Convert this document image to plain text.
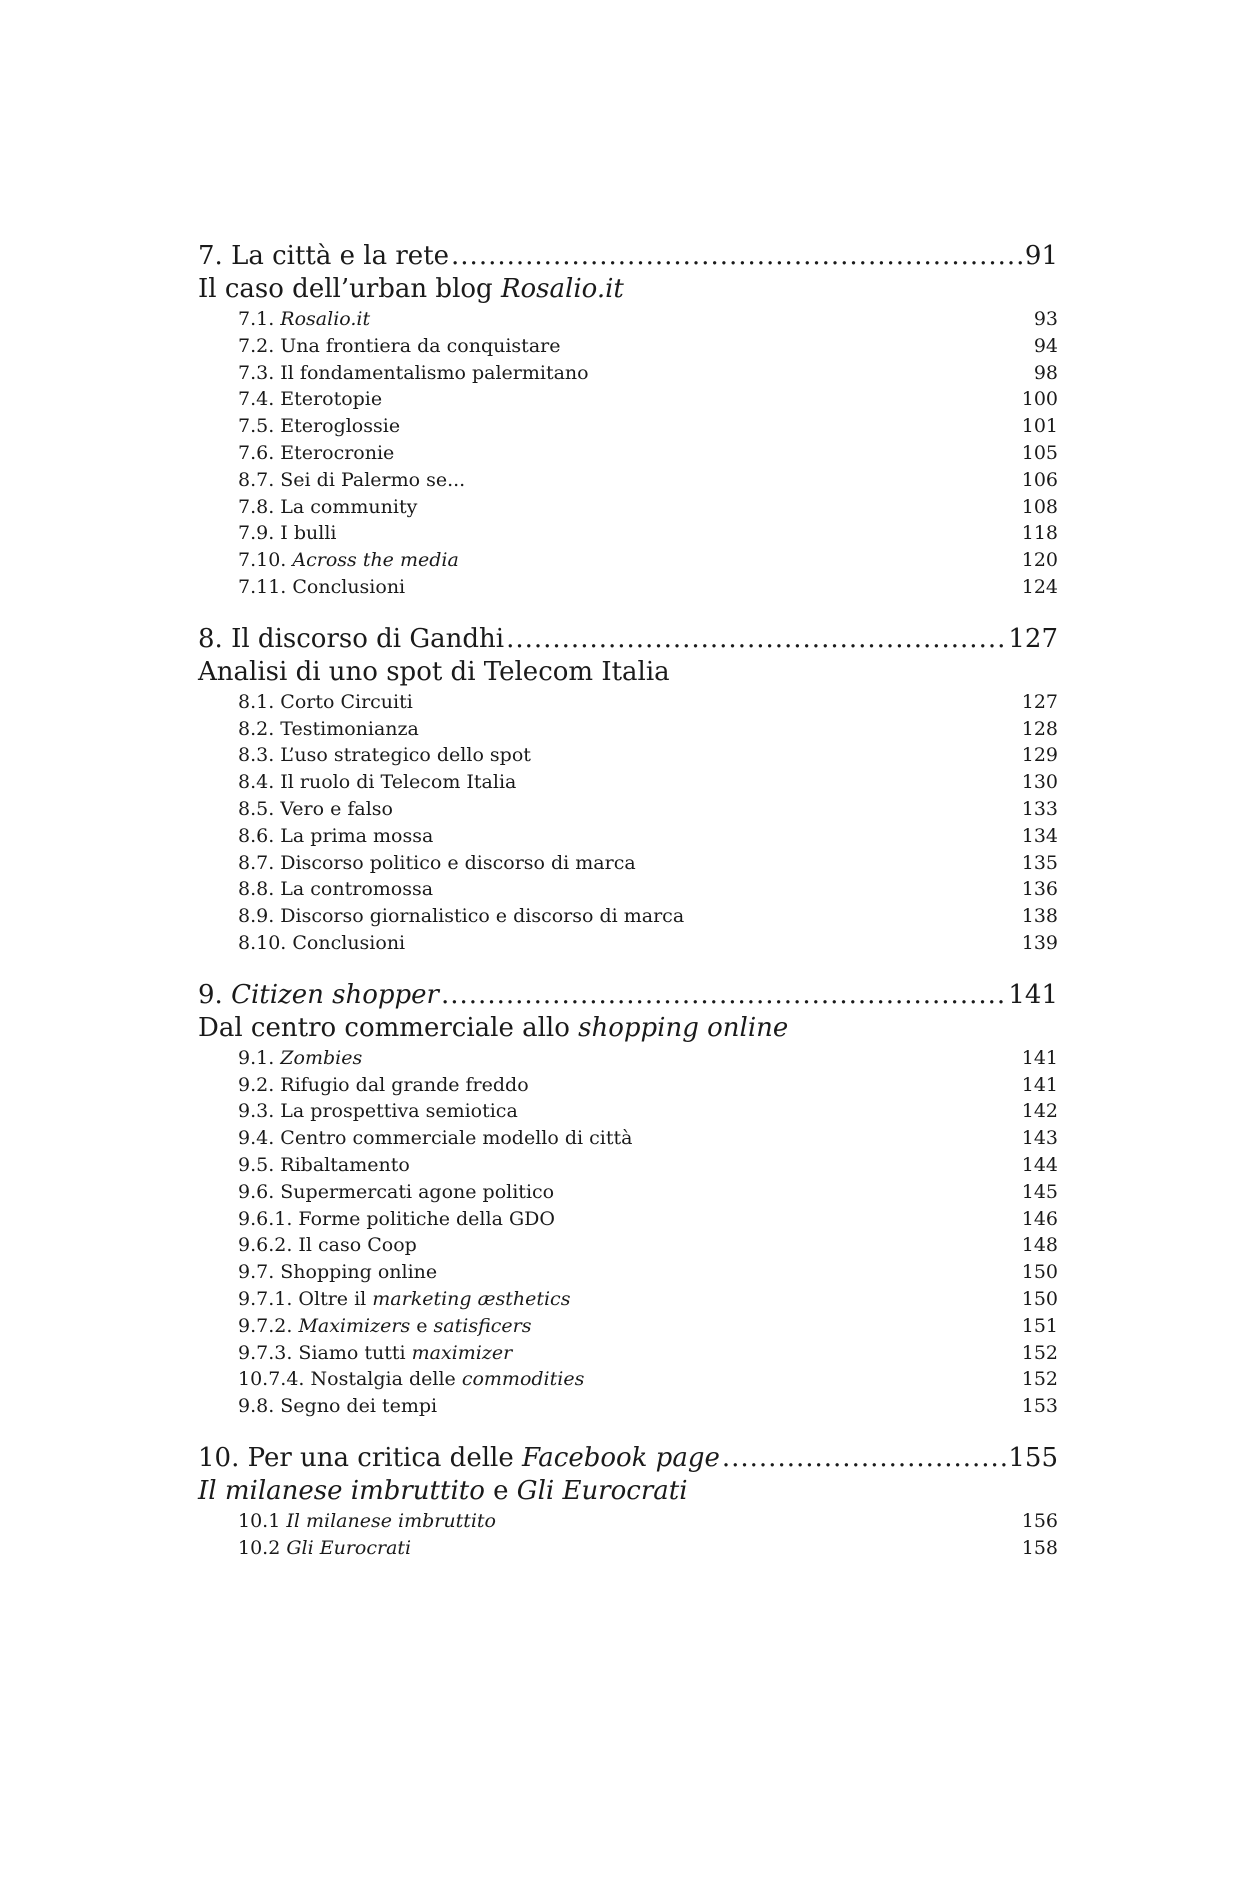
7. La città e la rete .....	91
Il caso dell’urban blog Rosalio.it
7.1. Rosalio.it	93
7.2. Una frontiera da conquistare	94
7.3. Il fondamentalismo palermitano	98
7.4. Eterotopie	100
7.5. Eteroglossie	101
7.6. Eterocronie	105
8.7. Sei di Palermo se...	106
7.8. La community	108
7.9. I bulli	118
7.10. Across the media	120
7.11. Conclusioni	124
8. Il discorso di Gandhi .....	127
Analisi di uno spot di Telecom Italia
8.1. Corto Circuiti	127
8.2. Testimonianza	128
8.3. L’uso strategico dello spot	129
8.4. Il ruolo di Telecom Italia	130
8.5. Vero e falso	133
8.6. La prima mossa	134
8.7. Discorso politico e discorso di marca	135
8.8. La contromossa	136
8.9. Discorso giornalistico e discorso di marca	138
8.10. Conclusioni	139
9. Citizen shopper .....	141
Dal centro commerciale allo shopping online
9.1. Zombies	141
9.2. Rifugio dal grande freddo	141
9.3. La prospettiva semiotica	142
9.4. Centro commerciale modello di città	143
9.5. Ribaltamento	144
9.6. Supermercati agone politico	145
9.6.1. Forme politiche della GDO	146
9.6.2. Il caso Coop	148
9.7. Shopping online	150
9.7.1. Oltre il marketing æsthetics	150
9.7.2. Maximizers e satisficers	151
9.7.3. Siamo tutti maximizer	152
10.7.4. Nostalgia delle commodities	152
9.8. Segno dei tempi	153
10. Per una critica delle Facebook page .....	155
Il milanese imbruttito e Gli Eurocrati
10.1 Il milanese imbruttito	156
10.2 Gli Eurocrati	158
